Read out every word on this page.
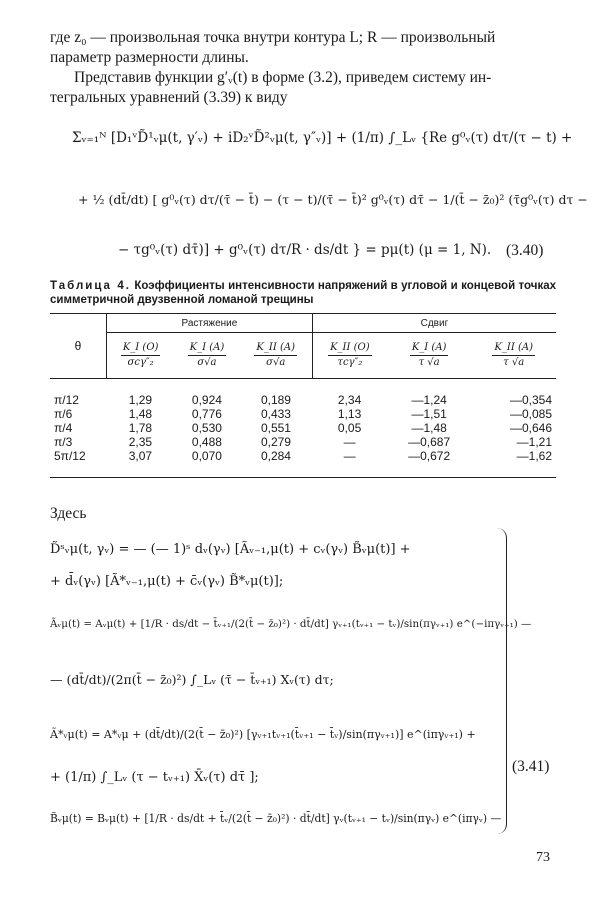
где z₀ — произвольная точка внутри контура L; R — произвольный
параметр размерности длины.
Представив функции g′ᵥ(t) в форме (3.2), приведем систему ин-
тегральных уравнений (3.39) к виду
Σᵥ₌₁ᴺ [D₁ᵛD̃¹ᵥμ(t, γ′ᵥ) + iD₂ᵛD̃²ᵥμ(t, γ″ᵥ)] + (1/π) ∫_Lᵥ {Re g⁰ᵥ(τ) dτ/(τ − t) +
+ ½ (dt̄/dt) [ g⁰ᵥ(τ) dτ/(τ̄ − t̄) − (τ − t)/(τ̄ − t̄)² g⁰ᵥ(τ) dτ̄ − 1/(t̄ − z̄₀)² (τ̄g⁰ᵥ(τ) dτ −
− τg⁰ᵥ(τ) dτ̄)] + g⁰ᵥ(τ) dτ/R · ds/dt } = pμ(t) (μ = 1, N). (3.40)
Таблица 4. Коэффициенты интенсивности напряжений в угловой и концевой точках симметричной двузвенной ломаной трещины
θ	Растяжение			Сдвиг		

	$\frac{K\_I (O)}{\text{σcγ″₂}}$	$\frac{K\_I (A)}{\sigma√a}$	$\frac{K\_II (A)}{\sigma√a}$	$\frac{K\_II (O)}{\text{τcγ″₂}}$	$\frac{K\_I (A)}{\tau √a}$	$\frac{K\_II (A)}{\tau √a}$

π/12	1,29	0,924	0,189	2,34	—1,24	—0,354
π/6	1,48	0,776	0,433	1,13	—1,51	—0,085
π/4	1,78	0,530	0,551	0,05	—1,48	—0,646
π/3	2,35	0,488	0,279	—	—0,687	—1,21
5π/12	3,07	0,070	0,284	—	—0,672	—1,62

Здесь
D̃ˢᵥμ(t, γᵥ) = — (— 1)ˢ dᵥ(γᵥ) [Ãᵥ₋₁,μ(t) + cᵥ(γᵥ) B̃ᵥμ(t)] +
+ d̄ᵥ(γᵥ) [Ã*ᵥ₋₁,μ(t) + c̄ᵥ(γᵥ) B̃*ᵥμ(t)];
Ãᵥμ(t) = Aᵥμ(t) + [1/R · ds/dt − t̄ᵥ₊₁/(2(t̄ − z̄₀)²) · dt̄/dt] γᵥ₊₁(tᵥ₊₁ − tᵥ)/sin(πγᵥ₊₁) e^(−iπγᵥ₊₁) —
— (dt̄/dt)/(2π(t̄ − z̄₀)²) ∫_Lᵥ (τ̄ − t̄ᵥ₊₁) Xᵥ(τ) dτ;
Ã*ᵥμ(t) = A*ᵥμ + (dt̄/dt)/(2(t̄ − z̄₀)²) [γᵥ₊₁tᵥ₊₁(t̄ᵥ₊₁ − t̄ᵥ)/sin(πγᵥ₊₁)] e^(iπγᵥ₊₁) +
+ (1/π) ∫_Lᵥ (τ − tᵥ₊₁) X̄ᵥ(τ) dτ̄ ];
B̃ᵥμ(t) = Bᵥμ(t) + [1/R · ds/dt + t̄ᵥ/(2(t̄ − z̄₀)²) · dt̄/dt] γᵥ(tᵥ₊₁ − tᵥ)/sin(πγᵥ) e^(iπγᵥ) —
(3.41)
73
